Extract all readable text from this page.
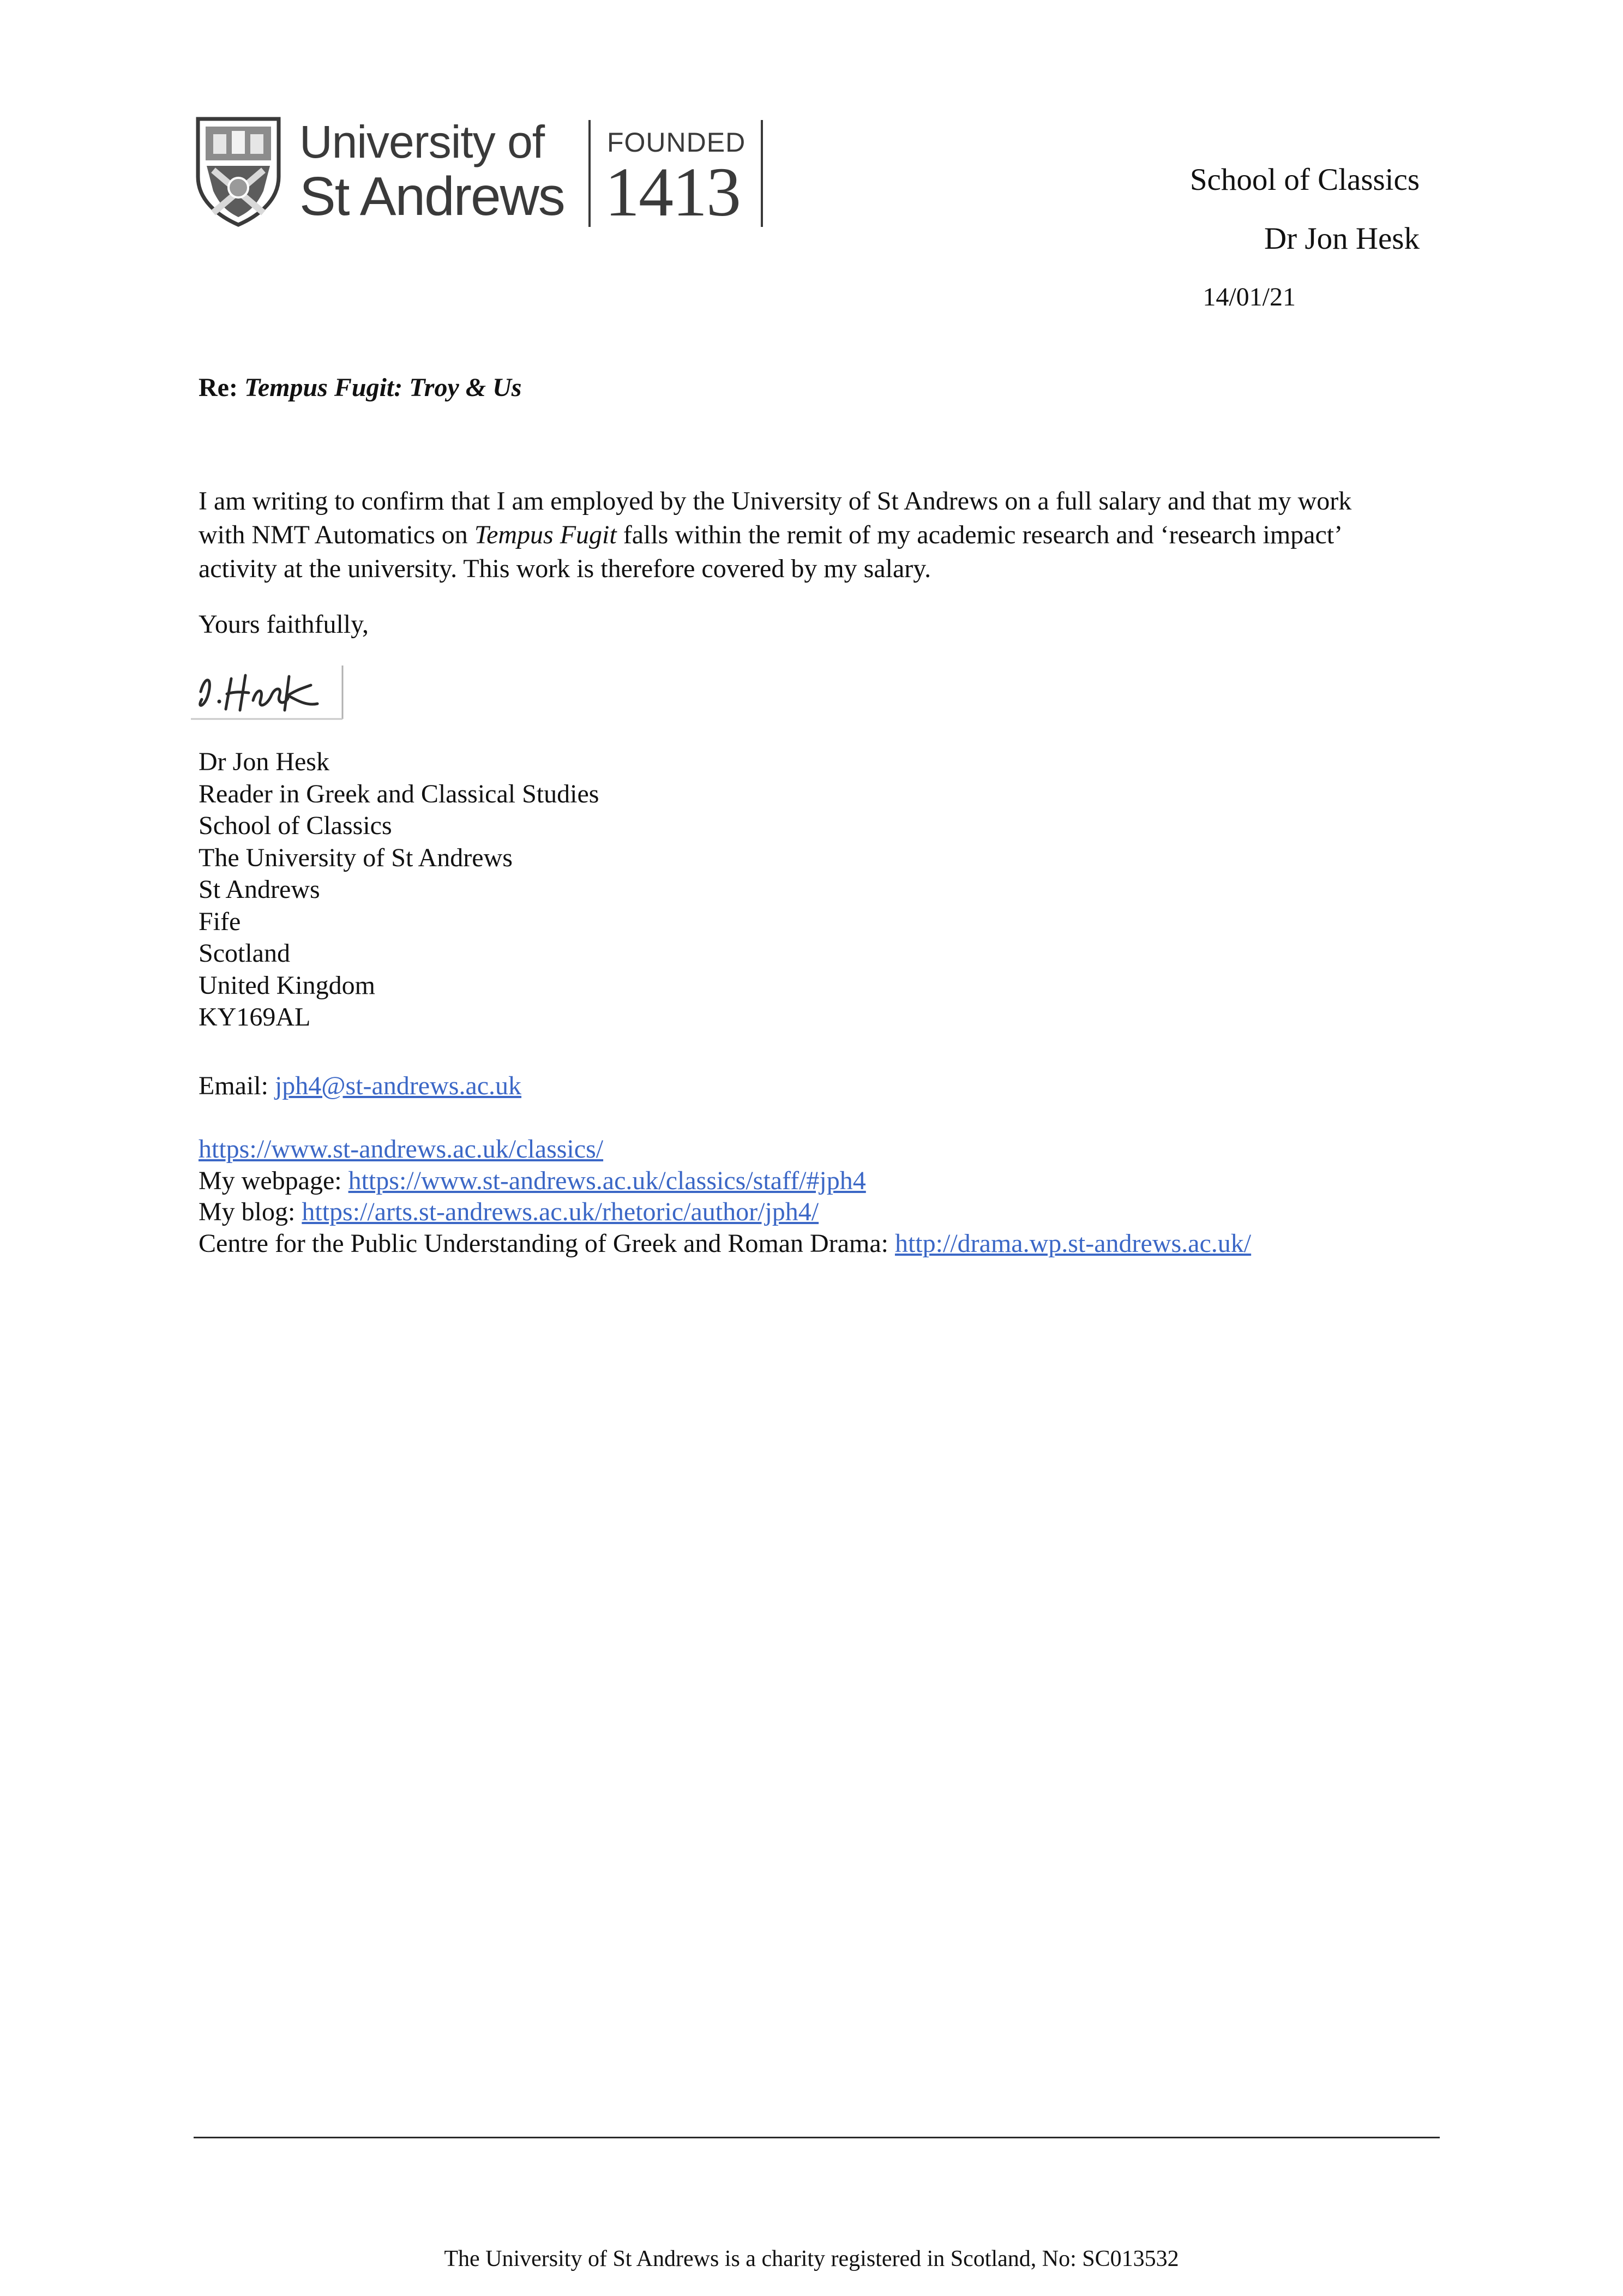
University of
St Andrews
FOUNDED
1413	School of Classics
Dr Jon Hesk
14/01/21
Re: Tempus Fugit: Troy & Us
I am writing to confirm that I am employed by the University of St Andrews on a full salary and that my work
with NMT Automatics on Tempus Fugit falls within the remit of my academic research and ‘research impact’
activity at the university. This work is therefore covered by my salary.
Yours faithfully,
Dr Jon Hesk
Reader in Greek and Classical Studies
School of Classics
The University of St Andrews
St Andrews
Fife
Scotland
United Kingdom
KY169AL
Email: jph4@st-andrews.ac.uk
https://www.st-andrews.ac.uk/classics/
My webpage: https://www.st-andrews.ac.uk/classics/staff/#jph4
My blog: https://arts.st-andrews.ac.uk/rhetoric/author/jph4/
Centre for the Public Understanding of Greek and Roman Drama: http://drama.wp.st-andrews.ac.uk/
The University of St Andrews is a charity registered in Scotland, No: SC013532
